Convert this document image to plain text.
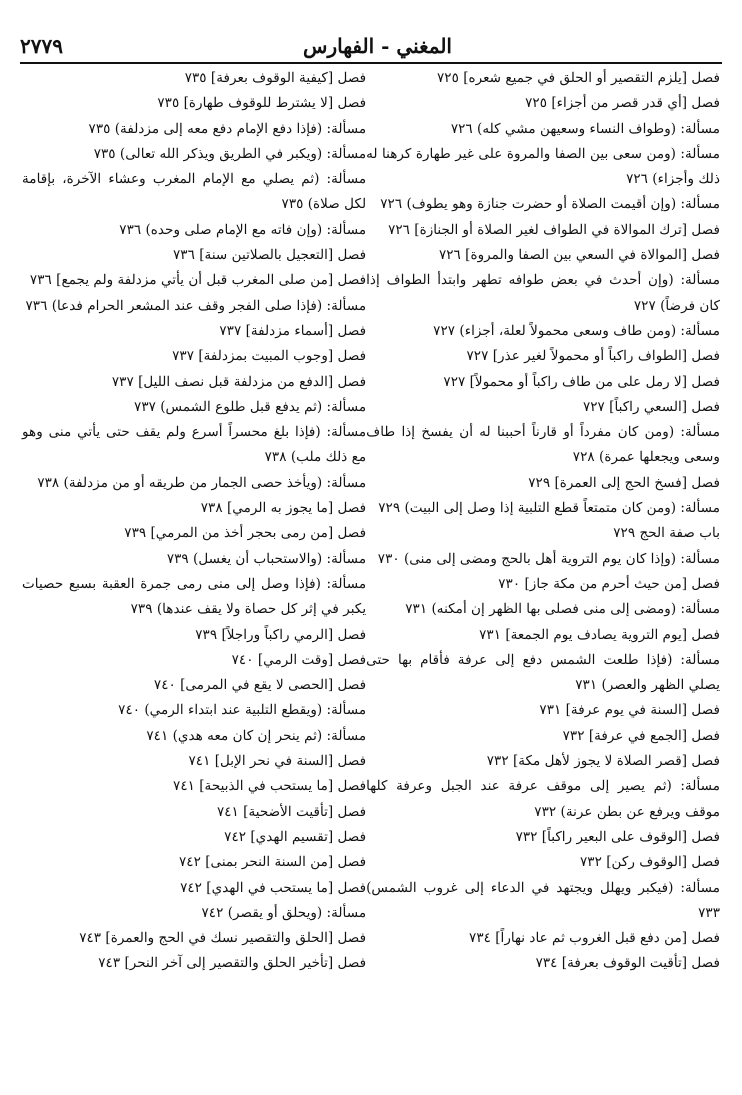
المغني - الفهارس
٢٧٧٩
فصل [يلزم التقصير أو الحلق في جميع شعره] ٧٢٥
فصل [أي قدر قصر من أجزاء] ٧٢٥
مسألة: (وطواف النساء وسعيهن مشي كله) ٧٢٦
مسألة: (ومن سعى بين الصفا والمروة على غير طهارة كرهنا له ذلك وأجزاء) ٧٢٦
مسألة: (وإن أقيمت الصلاة أو حضرت جنازة وهو يطوف) ٧٢٦
فصل [ترك الموالاة في الطواف لغير الصلاة أو الجنازة] ٧٢٦
فصل [الموالاة في السعي بين الصفا والمروة] ٧٢٦
مسألة: (وإن أحدث في بعض طوافه تطهر وابتدأ الطواف إذا كان فرضاً) ٧٢٧
مسألة: (ومن طاف وسعى محمولاً لعلة، أجزاء) ٧٢٧
فصل [الطواف راكباً أو محمولاً لغير عذر] ٧٢٧
فصل [لا رمل على من طاف راكباً أو محمولاً] ٧٢٧
فصل [السعي راكباً] ٧٢٧
مسألة: (ومن كان مفرداً أو قارناً أحببنا له أن يفسخ إذا طاف وسعى ويجعلها عمرة) ٧٢٨
فصل [فسخ الحج إلى العمرة] ٧٢٩
مسألة: (ومن كان متمتعاً قطع التلبية إذا وصل إلى البيت) ٧٢٩
باب صفة الحج ٧٢٩
مسألة: (وإذا كان يوم التروية أهل بالحج ومضى إلى منى) ٧٣٠
فصل [من حيث أحرم من مكة جاز] ٧٣٠
مسألة: (ومضى إلى منى فصلى بها الظهر إن أمكنه) ٧٣١
فصل [يوم التروية يصادف يوم الجمعة] ٧٣١
مسألة: (فإذا طلعت الشمس دفع إلى عرفة فأقام بها حتى يصلي الظهر والعصر) ٧٣١
فصل [السنة في يوم عرفة] ٧٣١
فصل [الجمع في عرفة] ٧٣٢
فصل [قصر الصلاة لا يجوز لأهل مكة] ٧٣٢
مسألة: (ثم يصير إلى موقف عرفة عند الجبل وعرفة كلها موقف ويرفع عن بطن عرنة) ٧٣٢
فصل [الوقوف على البعير راكباً] ٧٣٢
فصل [الوقوف ركن] ٧٣٢
مسألة: (فيكبر ويهلل ويجتهد في الدعاء إلى غروب الشمس) ٧٣٣
فصل [من دفع قبل الغروب ثم عاد نهاراً] ٧٣٤
فصل [تأقيت الوقوف بعرفة] ٧٣٤
فصل [كيفية الوقوف بعرفة] ٧٣٥
فصل [لا يشترط للوقوف طهارة] ٧٣٥
مسألة: (فإذا دفع الإمام دفع معه إلى مزدلفة) ٧٣٥
مسألة: (ويكبر في الطريق ويذكر الله تعالى) ٧٣٥
مسألة: (ثم يصلي مع الإمام المغرب وعشاء الآخرة، بإقامة لكل صلاة) ٧٣٥
مسألة: (وإن فاته مع الإمام صلى وحده) ٧٣٦
فصل [التعجيل بالصلاتين سنة] ٧٣٦
فصل [من صلى المغرب قبل أن يأتي مزدلفة ولم يجمع] ٧٣٦
مسألة: (فإذا صلى الفجر وقف عند المشعر الحرام فدعا) ٧٣٦
فصل [أسماء مزدلفة] ٧٣٧
فصل [وجوب المبيت بمزدلفة] ٧٣٧
فصل [الدفع من مزدلفة قبل نصف الليل] ٧٣٧
مسألة: (ثم يدفع قبل طلوع الشمس) ٧٣٧
مسألة: (فإذا بلغ محسراً أسرع ولم يقف حتى يأتي منى وهو مع ذلك ملب) ٧٣٨
مسألة: (ويأخذ حصى الجمار من طريقه أو من مزدلفة) ٧٣٨
فصل [ما يجوز به الرمي] ٧٣٨
فصل [من رمى بحجر أخذ من المرمي] ٧٣٩
مسألة: (والاستحباب أن يغسل) ٧٣٩
مسألة: (فإذا وصل إلى منى رمى جمرة العقبة بسبع حصيات يكبر في إثر كل حصاة ولا يقف عندها) ٧٣٩
فصل [الرمي راكباً وراجلاً] ٧٣٩
فصل [وقت الرمي] ٧٤٠
فصل [الحصى لا يقع في المرمى] ٧٤٠
مسألة: (ويقطع التلبية عند ابتداء الرمي) ٧٤٠
مسألة: (ثم ينحر إن كان معه هدي) ٧٤١
فصل [السنة في نحر الإبل] ٧٤١
فصل [ما يستحب في الذبيحة] ٧٤١
فصل [تأقيت الأضحية] ٧٤١
فصل [تقسيم الهدي] ٧٤٢
فصل [من السنة النحر بمنى] ٧٤٢
فصل [ما يستحب في الهدي] ٧٤٢
مسألة: (ويحلق أو يقصر) ٧٤٢
فصل [الحلق والتقصير نسك في الحج والعمرة] ٧٤٣
فصل [تأخير الحلق والتقصير إلى آخر النحر] ٧٤٣
